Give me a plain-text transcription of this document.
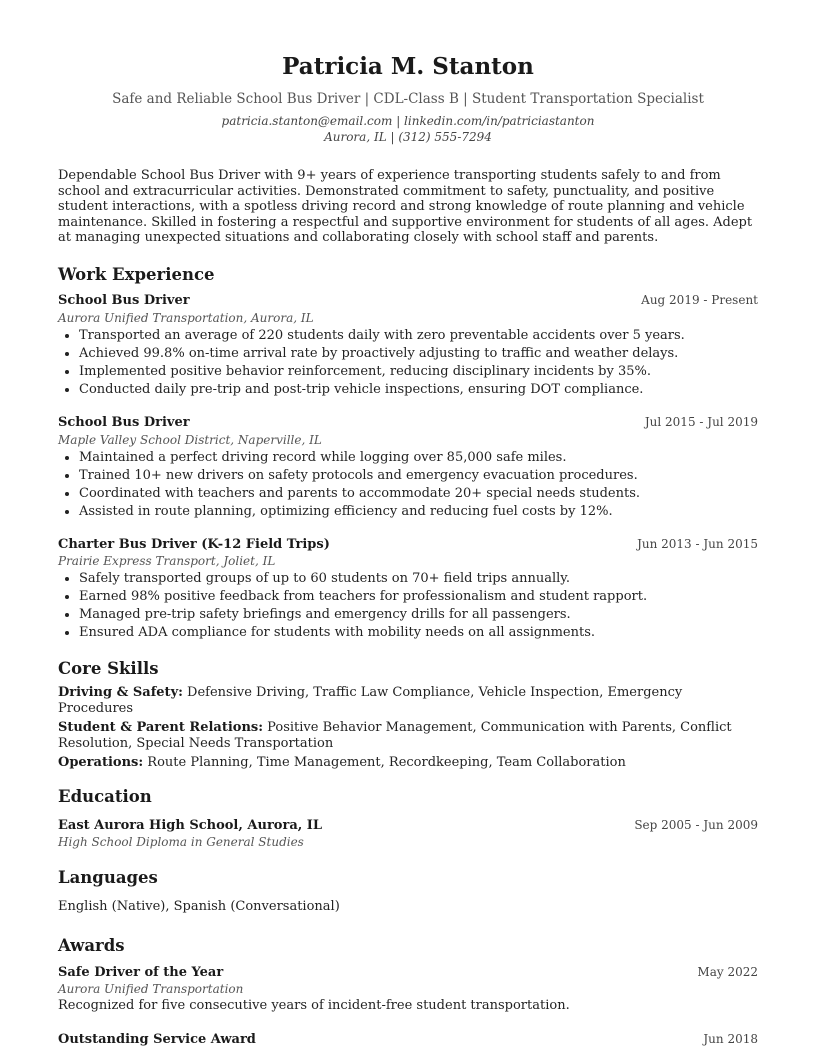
Patricia M. Stanton
Safe and Reliable School Bus Driver | CDL-Class B | Student Transportation Specialist
patricia.stanton@email.com | linkedin.com/in/patriciastanton
Aurora, IL | (312) 555-7294
Dependable School Bus Driver with 9+ years of experience transporting students safely to and from school and extracurricular activities. Demonstrated commitment to safety, punctuality, and positive student interactions, with a spotless driving record and strong knowledge of route planning and vehicle maintenance. Skilled in fostering a respectful and supportive environment for students of all ages. Adept at managing unexpected situations and collaborating closely with school staff and parents.
Work Experience
School Bus Driver	Aug 2019 - Present
Aurora Unified Transportation, Aurora, IL
• Transported an average of 220 students daily with zero preventable accidents over 5 years.
• Achieved 99.8% on-time arrival rate by proactively adjusting to traffic and weather delays.
• Implemented positive behavior reinforcement, reducing disciplinary incidents by 35%.
• Conducted daily pre-trip and post-trip vehicle inspections, ensuring DOT compliance.
School Bus Driver	Jul 2015 - Jul 2019
Maple Valley School District, Naperville, IL
• Maintained a perfect driving record while logging over 85,000 safe miles.
• Trained 10+ new drivers on safety protocols and emergency evacuation procedures.
• Coordinated with teachers and parents to accommodate 20+ special needs students.
• Assisted in route planning, optimizing efficiency and reducing fuel costs by 12%.
Charter Bus Driver (K-12 Field Trips)	Jun 2013 - Jun 2015
Prairie Express Transport, Joliet, IL
• Safely transported groups of up to 60 students on 70+ field trips annually.
• Earned 98% positive feedback from teachers for professionalism and student rapport.
• Managed pre-trip safety briefings and emergency drills for all passengers.
• Ensured ADA compliance for students with mobility needs on all assignments.
Core Skills
Driving & Safety: Defensive Driving, Traffic Law Compliance, Vehicle Inspection, Emergency Procedures
Student & Parent Relations: Positive Behavior Management, Communication with Parents, Conflict Resolution, Special Needs Transportation
Operations: Route Planning, Time Management, Recordkeeping, Team Collaboration
Education
East Aurora High School, Aurora, IL	Sep 2005 - Jun 2009
High School Diploma in General Studies
Languages
English (Native), Spanish (Conversational)
Awards
Safe Driver of the Year	May 2022
Aurora Unified Transportation
Recognized for five consecutive years of incident-free student transportation.
Outstanding Service Award	Jun 2018
